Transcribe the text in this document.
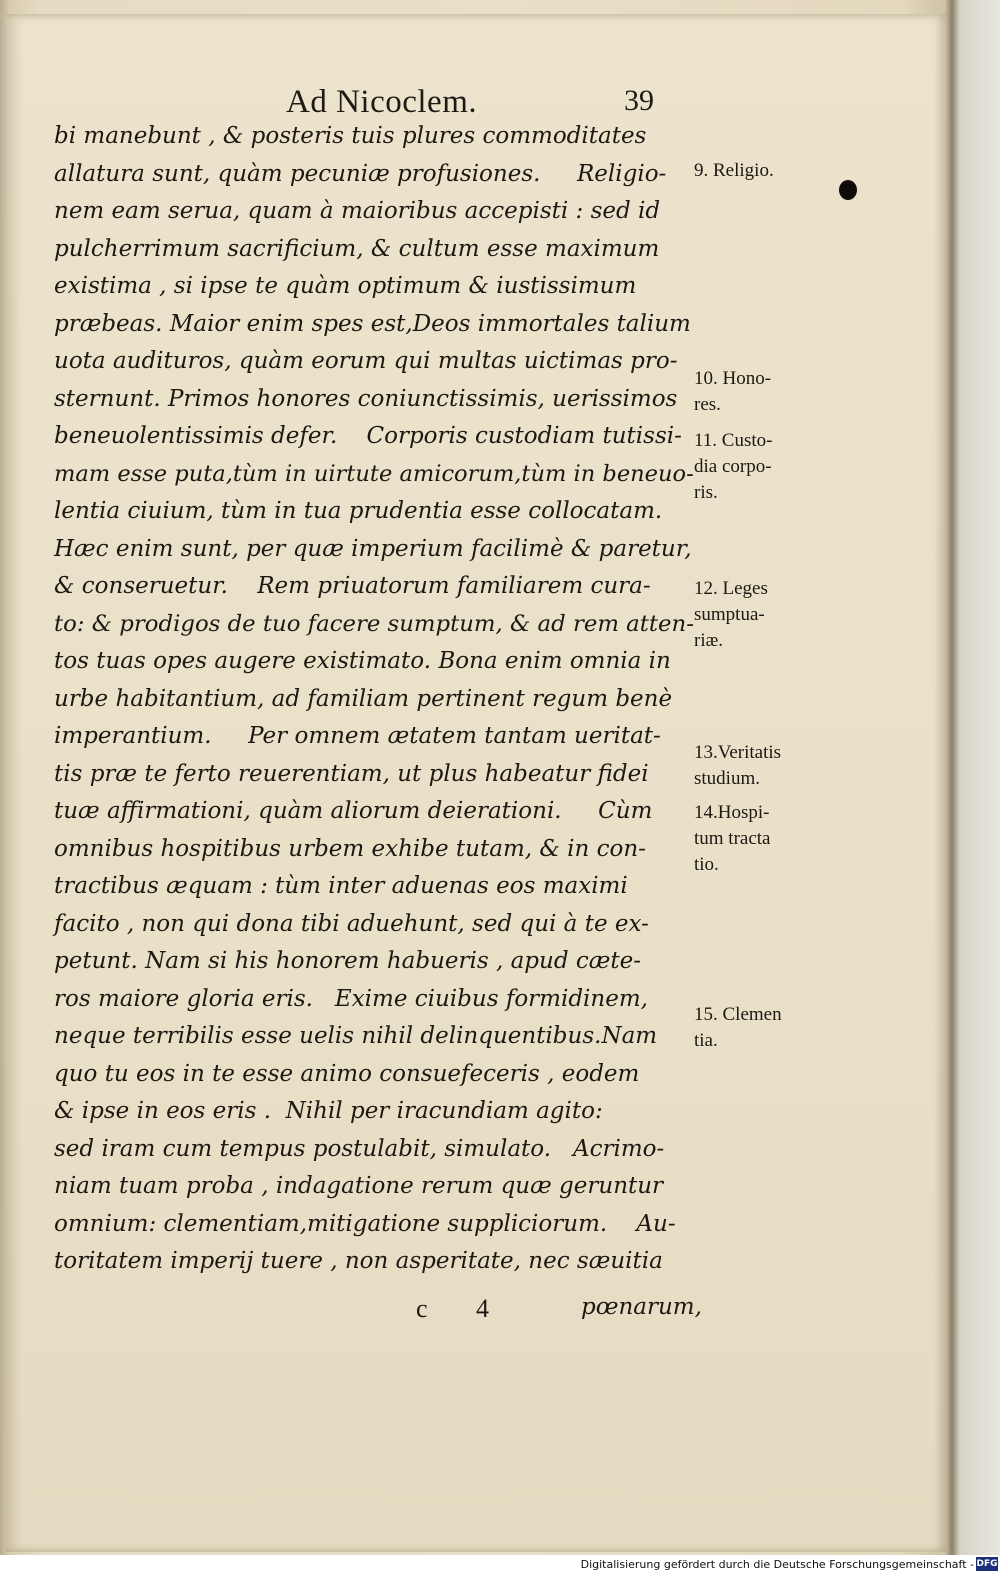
Ad Nicoclem.	39
bi manebunt , & posteris tuis plures commoditates
allatura sunt, quàm pecuniæ profusiones.     Religio-
nem eam serua, quam à maioribus accepisti : sed id
pulcherrimum sacrificium, & cultum esse maximum
existima , si ipse te quàm optimum & iustissimum
præbeas. Maior enim spes est,Deos immortales talium
uota audituros, quàm eorum qui multas uictimas pro-
sternunt. Primos honores coniunctissimis, uerissimos
beneuolentissimis defer.    Corporis custodiam tutissi-
mam esse puta,tùm in uirtute amicorum,tùm in beneuo-
lentia ciuium, tùm in tua prudentia esse collocatam.
Hæc enim sunt, per quæ imperium facilimè & paretur,
& conseruetur.    Rem priuatorum familiarem cura-
to: & prodigos de tuo facere sumptum, & ad rem atten-
tos tuas opes augere existimato. Bona enim omnia in
urbe habitantium, ad familiam pertinent regum benè
imperantium.     Per omnem ætatem tantam ueritat-
tis præ te ferto reuerentiam, ut plus habeatur fidei
tuæ affirmationi, quàm aliorum deierationi.     Cùm
omnibus hospitibus urbem exhibe tutam, & in con-
tractibus æquam : tùm inter aduenas eos maximi
facito , non qui dona tibi aduehunt, sed qui à te ex-
petunt. Nam si his honorem habueris , apud cæte-
ros maiore gloria eris.   Exime ciuibus formidinem,
neque terribilis esse uelis nihil delinquentibus.Nam
quo tu eos in te esse animo consuefeceris , eodem
& ipse in eos eris .  Nihil per iracundiam agito:
sed iram cum tempus postulabit, simulato.   Acrimo-
niam tuam proba , indagatione rerum quæ geruntur
omnium: clementiam,mitigatione suppliciorum.    Au-
toritatem imperij tuere , non asperitate, nec sæuitia
9. Religio.
10. Hono-
res.
11. Custo-
dia corpo-
ris.
12. Leges
sumptua-
riæ.
13.Veritatis
studium.
14.Hospi-
tum tracta
tio.
15. Clemen
tia.
c 4	pœnarum,
Digitalisierung gefördert durch die Deutsche Forschungsgemeinschaft - DFG
